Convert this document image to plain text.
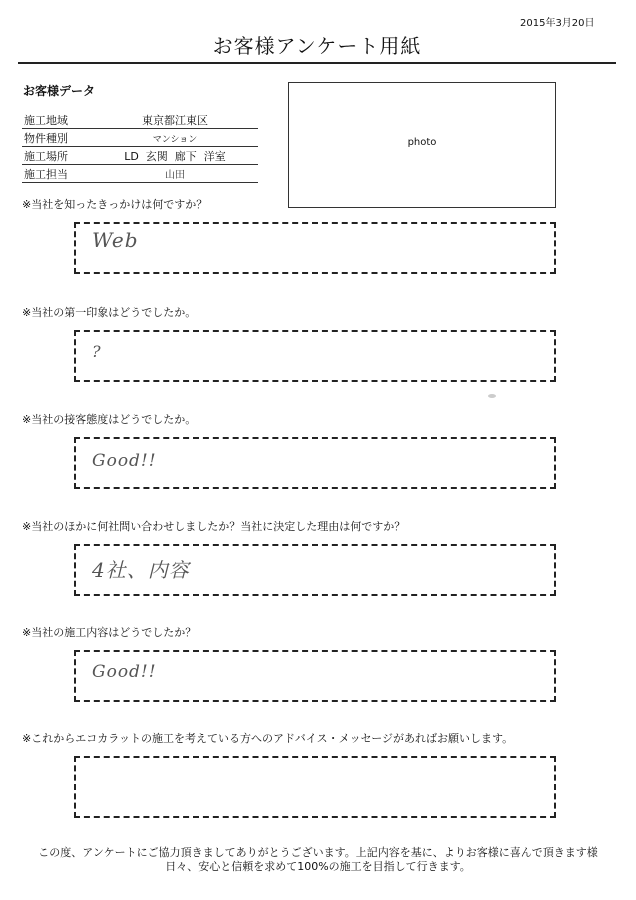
2015年3月20日
お客様アンケート用紙
お客様データ
施工地域	東京都江東区
物件種別	マンション
施工場所	LD  玄関  廊下  洋室
施工担当	山田
photo
※当社を知ったきっかけは何ですか？
Web
※当社の第一印象はどうでしたか。
?
※当社の接客態度はどうでしたか。
Good!!
※当社のほかに何社問い合わせしましたか？当社に決定した理由は何ですか？
4社、内容
※当社の施工内容はどうでしたか？
Good!!
※これからエコカラットの施工を考えている方へのアドバイス・メッセージがあればお願いします。
この度、アンケートにご協力頂きましてありがとうございます。上記内容を基に、よりお客様に喜んで頂きます様
日々、安心と信頼を求めて100%の施工を目指して行きます。
